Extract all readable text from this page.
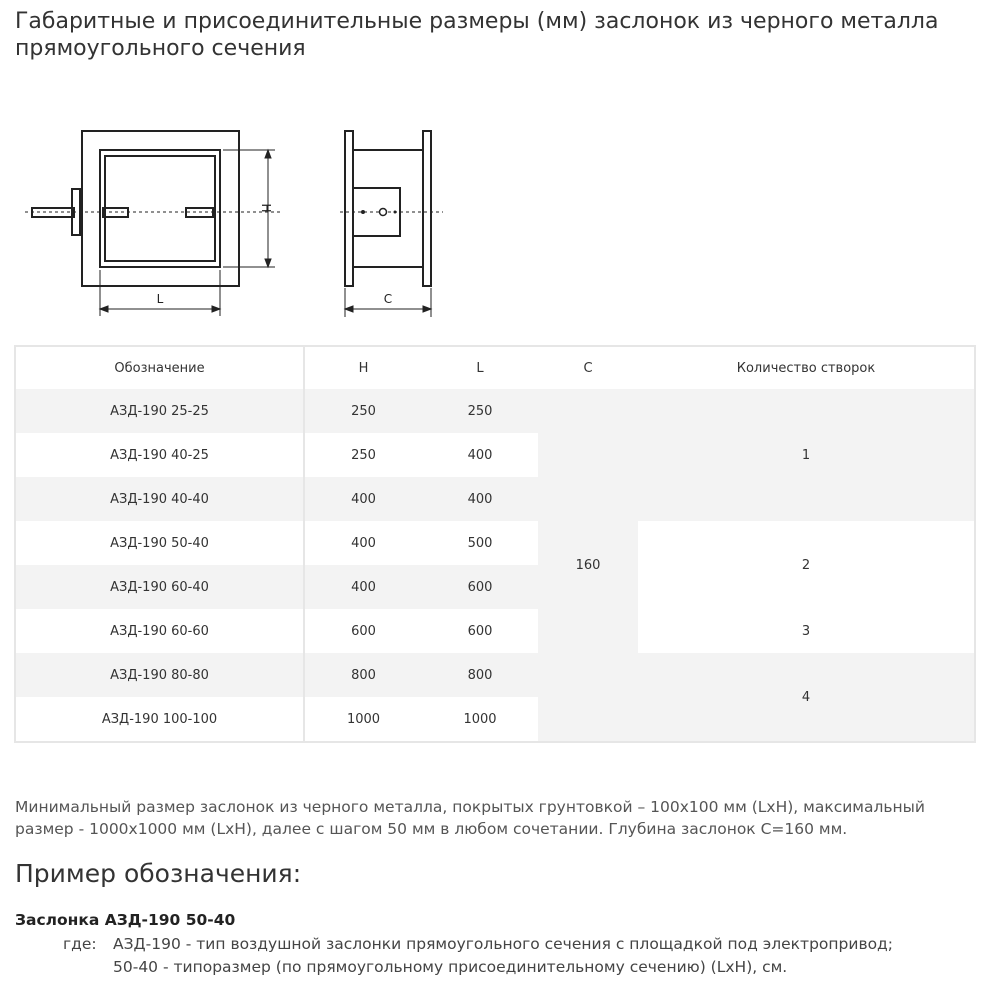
Габаритные и присоединительные размеры (мм) заслонок из черного металла прямоугольного сечения
H
L	C
Обозначение	H	L	C	Количество створок
АЗД-190 25-25	250	250	160	1
АЗД-190 40-25	250	400		
АЗД-190 40-40	400	400		
АЗД-190 50-40	400	500		2
АЗД-190 60-40	400	600		
АЗД-190 60-60	600	600		3
АЗД-190 80-80	800	800		4
АЗД-190 100-100	1000	1000		

Минимальный размер заслонок из черного металла, покрытых грунтовкой – 100х100 мм (LxH), максимальный размер - 1000х1000 мм (LxH), далее с шагом 50 мм в любом сочетании. Глубина заслонок С=160 мм.

Пример обозначения:
Заслонка АЗД-190 50-40
где: АЗД-190 - тип воздушной заслонки прямоугольного сечения с площадкой под электропривод;
50-40 - типоразмер (по прямоугольному присоединительному сечению) (LxH), см.
